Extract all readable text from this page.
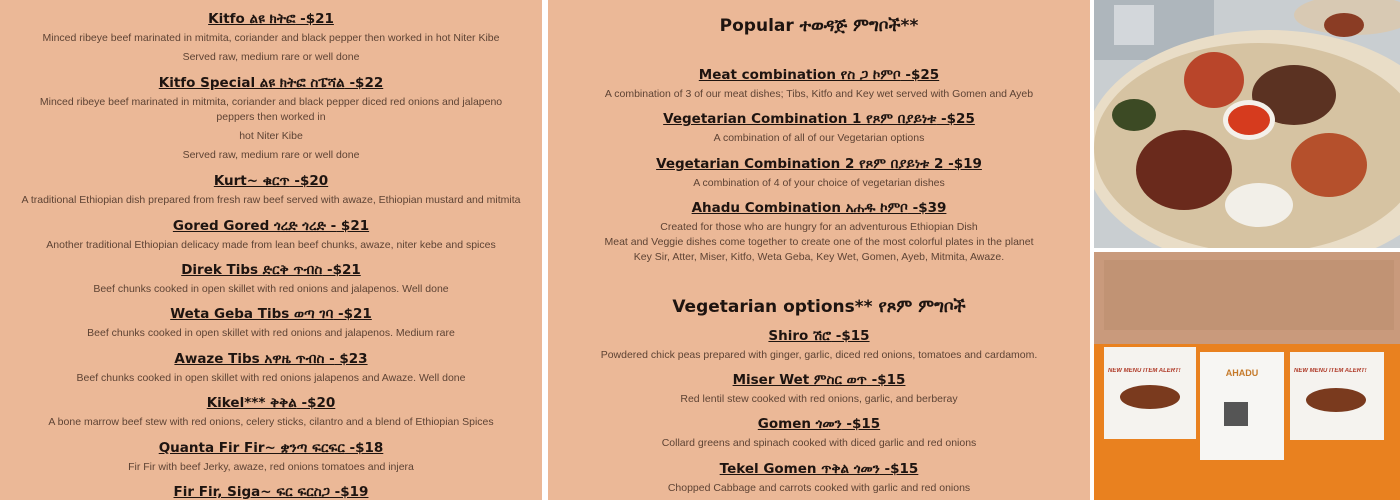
Kitfo ልዩ ክትፎ -$21
Minced ribeye beef marinated in mitmita, coriander and black pepper then worked in hot Niter Kibe
Served raw, medium rare or well done
Kitfo Special ልዩ ክትፎ ስፔሻል -$22
Minced ribeye beef marinated in mitmita, coriander and black pepper diced red onions and jalapeno peppers then worked in
hot Niter Kibe
Served raw, medium rare or well done
Kurt~ ቁርጥ -$20
A traditional Ethiopian dish prepared from fresh raw beef served with awaze, Ethiopian mustard and mitmita
Gored Gored ጎረድ ጎረድ - $21
Another traditional Ethiopian delicacy made from lean beef chunks, awaze, niter kebe and spices
Direk Tibs ድርቅ ጥብስ -$21
Beef chunks cooked in open skillet with red onions and jalapenos. Well done
Weta Geba Tibs ወጣ ገባ -$21
Beef chunks cooked in open skillet with red onions and jalapenos. Medium rare
Awaze Tibs አዋዜ ጥብስ - $23
Beef chunks cooked in open skillet with red onions jalapenos and Awaze. Well done
Kikel*** ቅቅል -$20
A bone marrow beef stew with red onions, celery sticks, cilantro and a blend of Ethiopian Spices
Quanta Fir Fir~ ቋንጣ ፍርፍር -$18
Fir Fir with beef Jerky, awaze, red onions tomatoes and injera
Fir Fir, Siga~ ፍር ፍርስጋ -$19
Popular ተወዳጅ ምግቦች**
Meat combination የስ ጋ ኮምቦ -$25
A combination of 3 of our meat dishes; Tibs, Kitfo and Key wet served with Gomen and Ayeb
Vegetarian Combination 1 የጾም በያይነቱ -$25
A combination of all of our Vegetarian options
Vegetarian Combination 2 የጾም በያይነቱ 2 -$19
A combination of 4 of your choice of vegetarian dishes
Ahadu Combination አሐዱ ኮምቦ -$39
Created for those who are hungry for an adventurous Ethiopian Dish
Meat and Veggie dishes come together to create one of the most colorful plates in the planet
Key Sir, Atter, Miser, Kitfo, Weta Geba, Key Wet, Gomen, Ayeb, Mitmita, Awaze.
Vegetarian options** የጾም ምግቦች
Shiro ሽሮ -$15
Powdered chick peas prepared with ginger, garlic, diced red onions, tomatoes and cardamom.
Miser Wet ምስር ወጥ -$15
Red lentil stew cooked with red onions, garlic, and berberay
Gomen ጎመን -$15
Collard greens and spinach cooked with diced garlic and red onions
Tekel Gomen ጥቅል ጎመን -$15
Chopped Cabbage and carrots cooked with garlic and red onions
NEW MENU ITEM ALERT!	AHADU	NEW MENU ITEM ALERT!
